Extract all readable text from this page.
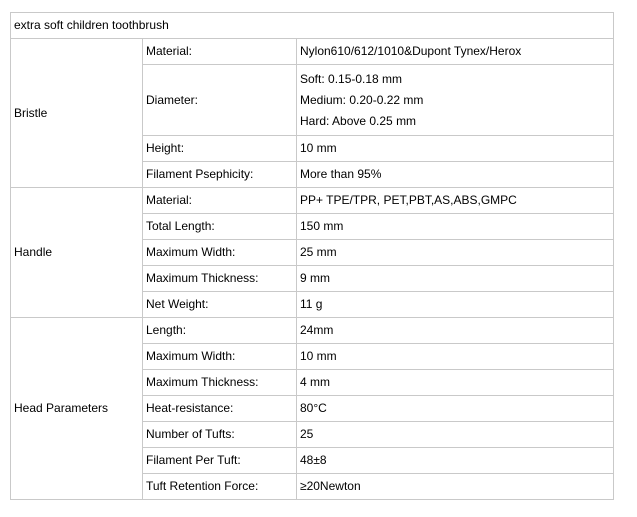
extra soft children toothbrush		
Bristle	Material:	Nylon610/612/1010&Dupont Tynex/Herox
	Diameter:	Soft: 0.15-0.18 mm
Medium: 0.20-0.22 mm
Hard: Above 0.25 mm

	Height:	10 mm
	Filament Psephicity:	More than 95%
Handle	Material:	PP+ TPE/TPR, PET,PBT,AS,ABS,GMPC
	Total Length:	150 mm
	Maximum Width:	25 mm
	Maximum Thickness:	9 mm
	Net Weight:	11 g
Head Parameters	Length:	24mm
	Maximum Width:	10 mm
	Maximum Thickness:	4 mm
	Heat-resistance:	80°C
	Number of Tufts:	25
	Filament Per Tuft:	48±8
	Tuft Retention Force:	≥20Newton
